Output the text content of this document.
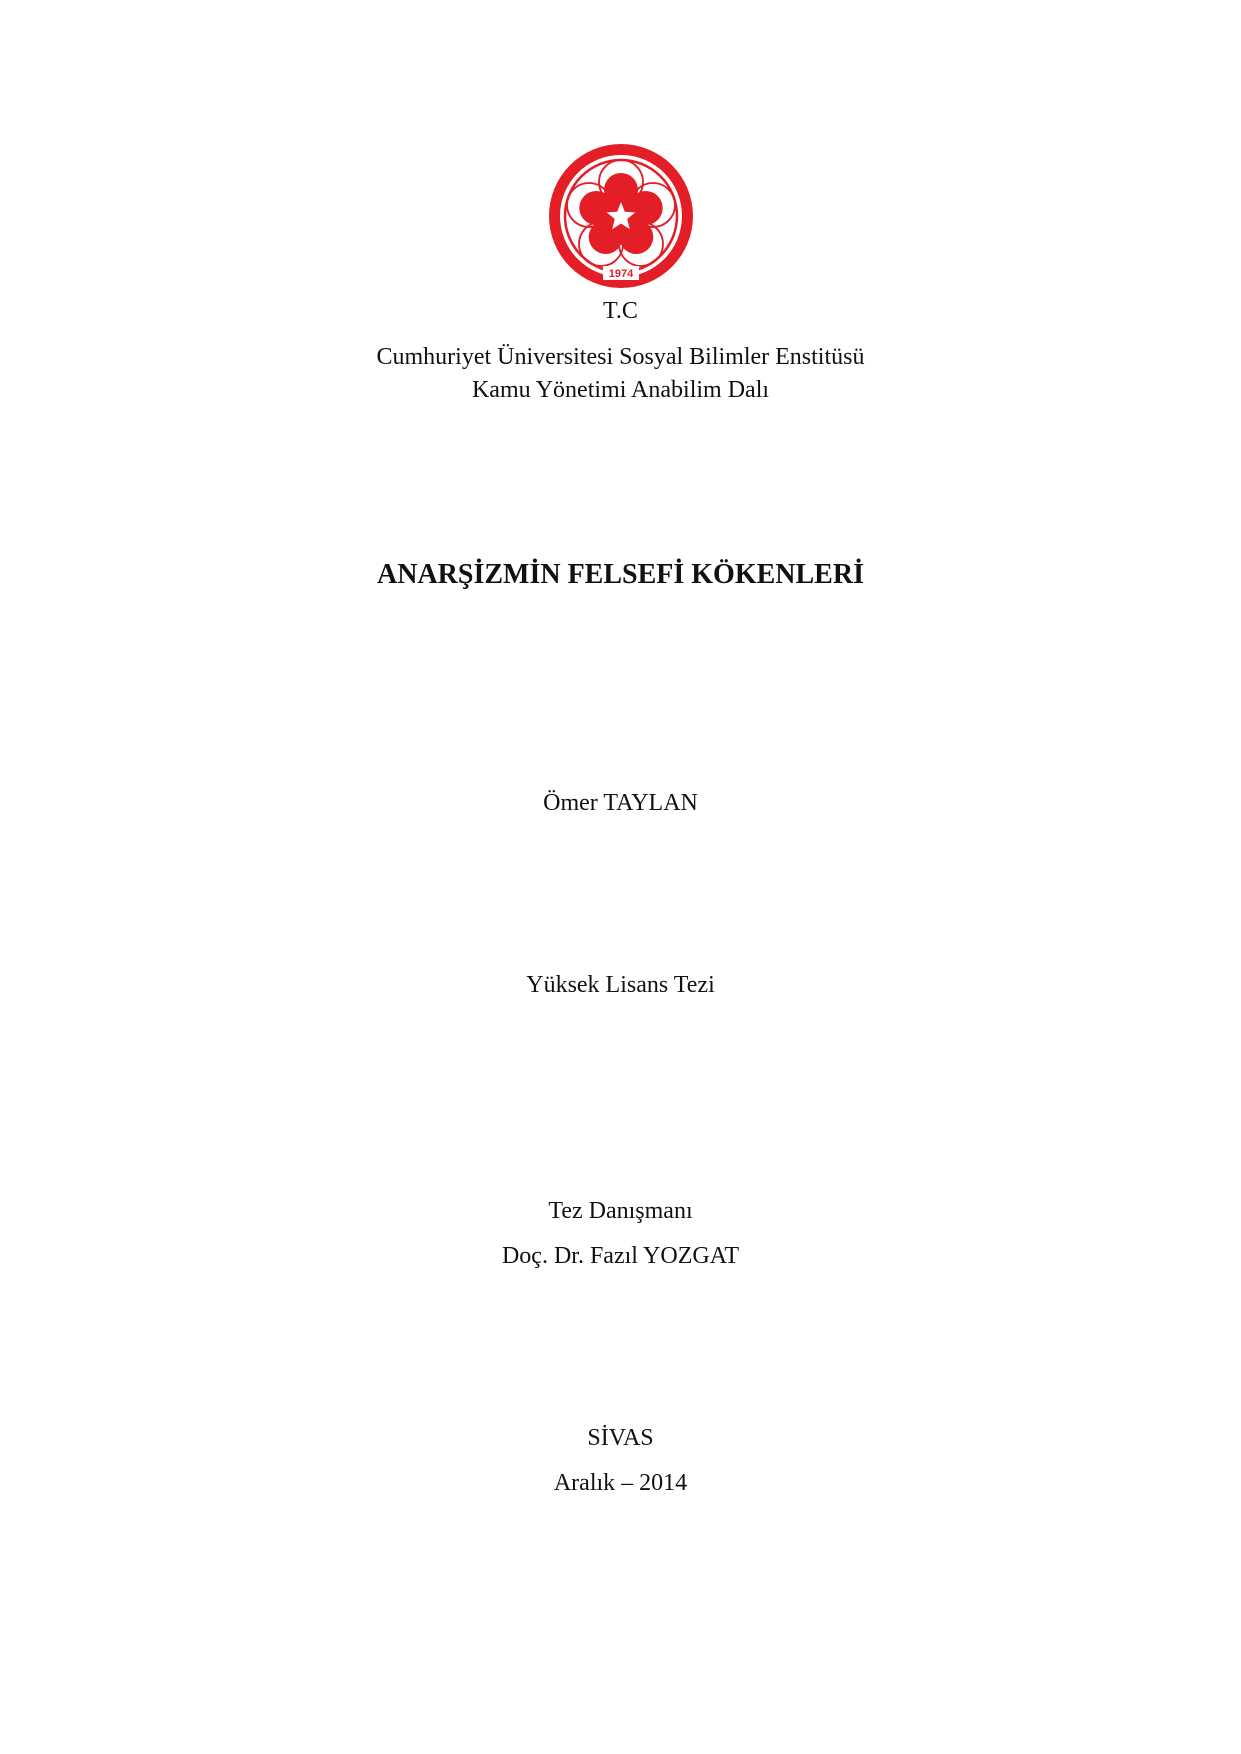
1974
T.C
Cumhuriyet Üniversitesi Sosyal Bilimler Enstitüsü
Kamu Yönetimi Anabilim Dalı
ANARŞİZMİN FELSEFİ KÖKENLERİ
Ömer TAYLAN
Yüksek Lisans Tezi
Tez Danışmanı
Doç. Dr. Fazıl YOZGAT
SİVAS
Aralık – 2014
